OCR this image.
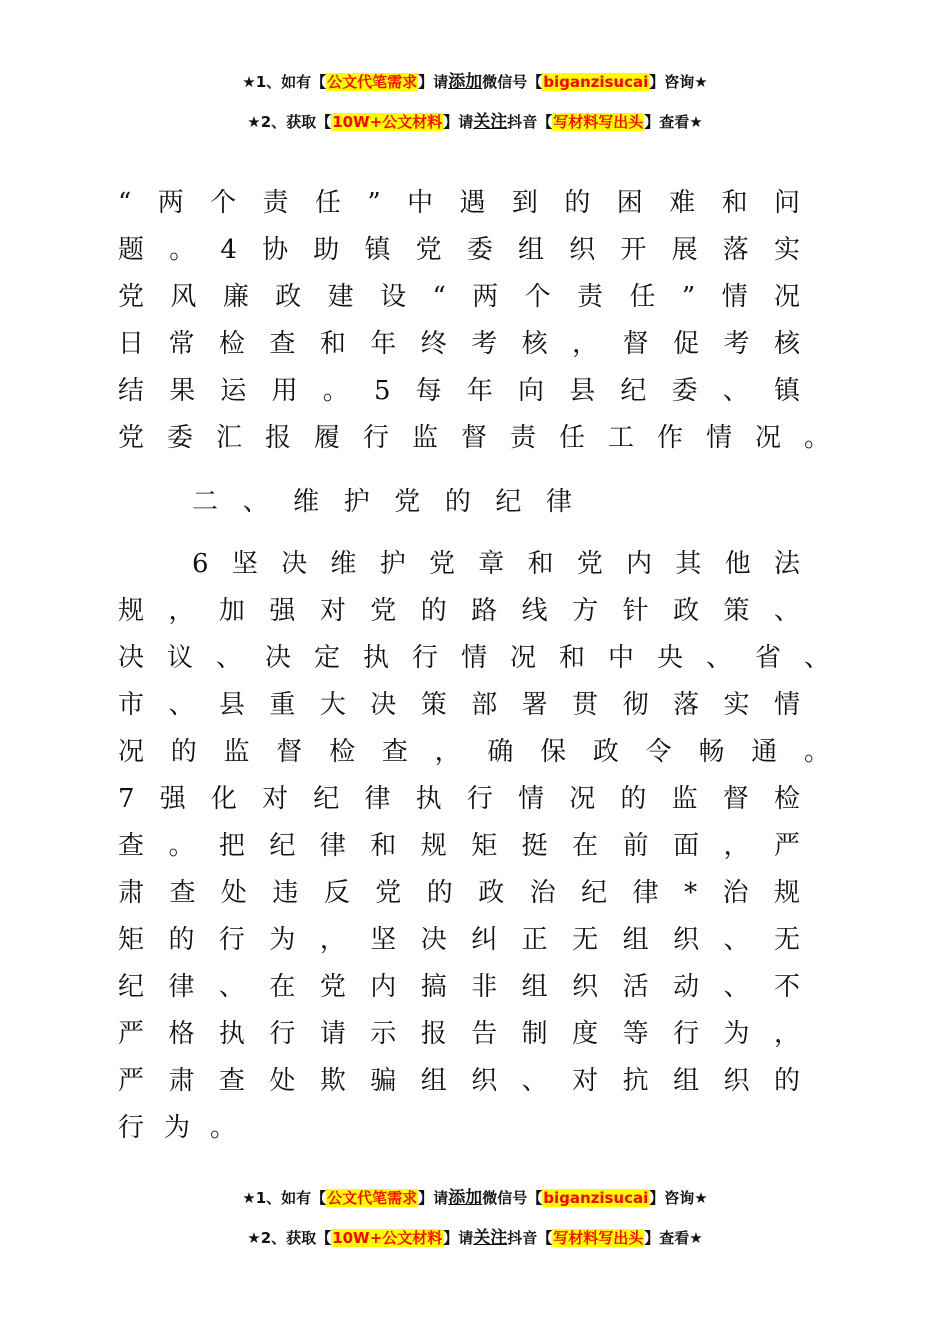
★1、如有【公文代笔需求】请添加微信号【biganzisucai】咨询★
★2、获取【10W+公文材料】请关注抖音【写材料写出头】查看★
“两个责任”中遇到的困难和问
题。4协助镇党委组织开展落实
党风廉政建设“两个责任”情况
日常检查和年终考核，督促考核
结果运用。5每年向县纪委、镇
党委汇报履行监督责任工作情况。
二、维护党的纪律
6坚决维护党章和党内其他法
规，加强对党的路线方针政策、
决议、决定执行情况和中央、省、
市、县重大决策部署贯彻落实情
况的监督检查，确保政令畅通。
7强化对纪律执行情况的监督检
查。把纪律和规矩挺在前面，严
肃查处违反党的政治纪律*治规
矩的行为，坚决纠正无组织、无
纪律、在党内搞非组织活动、不
严格执行请示报告制度等行为，
严肃查处欺骗组织、对抗组织的
行为。
★1、如有【公文代笔需求】请添加微信号【biganzisucai】咨询★
★2、获取【10W+公文材料】请关注抖音【写材料写出头】查看★
